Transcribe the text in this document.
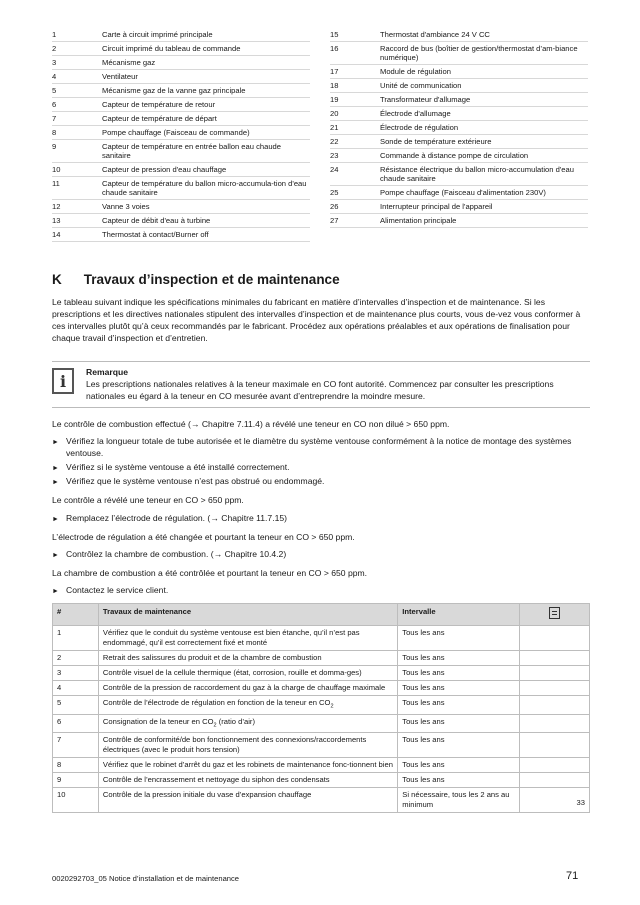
1	Carte à circuit imprimé principale
2	Circuit imprimé du tableau de commande
3	Mécanisme gaz
4	Ventilateur
5	Mécanisme gaz de la vanne gaz principale
6	Capteur de température de retour
7	Capteur de température de départ
8	Pompe chauffage (Faisceau de commande)
9	Capteur de température en entrée ballon eau chaude sanitaire
10	Capteur de pression d'eau chauffage
11	Capteur de température du ballon micro-accumula-tion d'eau chaude sanitaire
12	Vanne 3 voies
13	Capteur de débit d'eau à turbine
14	Thermostat à contact/Burner off
15	Thermostat d'ambiance 24 V CC
16	Raccord de bus (boîtier de gestion/thermostat d’am-biance numérique)
17	Module de régulation
18	Unité de communication
19	Transformateur d'allumage
20	Électrode d'allumage
21	Électrode de régulation
22	Sonde de température extérieure
23	Commande à distance pompe de circulation
24	Résistance électrique du ballon micro-accumulation d'eau chaude sanitaire
25	Pompe chauffage (Faisceau d'alimentation 230V)
26	Interrupteur principal de l'appareil
27	Alimentation principale
K Travaux d’inspection et de maintenance

Le tableau suivant indique les spécifications minimales du fabricant en matière d’intervalles d’inspection et de maintenance. Si les prescriptions et les directives nationales stipulent des intervalles d’inspection et de maintenance plus courts, vous de-vez vous conformer à ces intervalles plutôt qu’à ceux recommandés par le fabricant. Procédez aux opérations préalables et aux opérations de finalisation pour chaque travail d’inspection et d’entretien.

i	Remarque
Les prescriptions nationales relatives à la teneur maximale en CO font autorité. Commencez par consulter les prescriptions nationales eu égard à la teneur en CO mesurée avant d’entreprendre la moindre mesure.

Le contrôle de combustion effectué (→ Chapitre 7.11.4) a révélé une teneur en CO non dilué > 650 ppm.

► Vérifiez la longueur totale de tube autorisée et le diamètre du système ventouse conformément à la notice de montage des systèmes ventouse.
► Vérifiez si le système ventouse a été installé correctement.
► Vérifiez que le système ventouse n’est pas obstrué ou endommagé.

Le contrôle a révélé une teneur en CO > 650 ppm.

► Remplacez l’électrode de régulation. (→ Chapitre 11.7.15)

L’électrode de régulation a été changée et pourtant la teneur en CO > 650 ppm.

► Contrôlez la chambre de combustion. (→ Chapitre 10.4.2)

La chambre de combustion a été contrôlée et pourtant la teneur en CO > 650 ppm.

► Contactez le service client.
#	Travaux de maintenance	Intervalle	
1	Vérifiez que le conduit du système ventouse est bien étanche, qu’il n’est pas endommagé, qu’il est correctement fixé et monté	Tous les ans	

2	Retrait des salissures du produit et de la chambre de combustion	Tous les ans	

3	Contrôle visuel de la cellule thermique (état, corrosion, rouille et domma-ges)	Tous les ans	

4	Contrôle de la pression de raccordement du gaz à la charge de chauffage maximale	Tous les ans	

5	Contrôle de l’électrode de régulation en fonction de la teneur en $CO_2$	Tous les ans	

6	Consignation de la teneur en $CO_2$ (ratio d’air)	Tous les ans	

7	Contrôle de conformité/de bon fonctionnement des connexions/raccordements électriques (avec le produit hors tension)	Tous les ans	

8	Vérifiez que le robinet d’arrêt du gaz et les robinets de maintenance fonc-tionnent bien	Tous les ans	

9	Contrôle de l’encrassement et nettoyage du siphon des condensats	Tous les ans	

10	Contrôle de la pression initiale du vase d’expansion chauffage	Si nécessaire, tous les 2 ans au minimum	33
0020292703_05 Notice d’installation et de maintenance	71
